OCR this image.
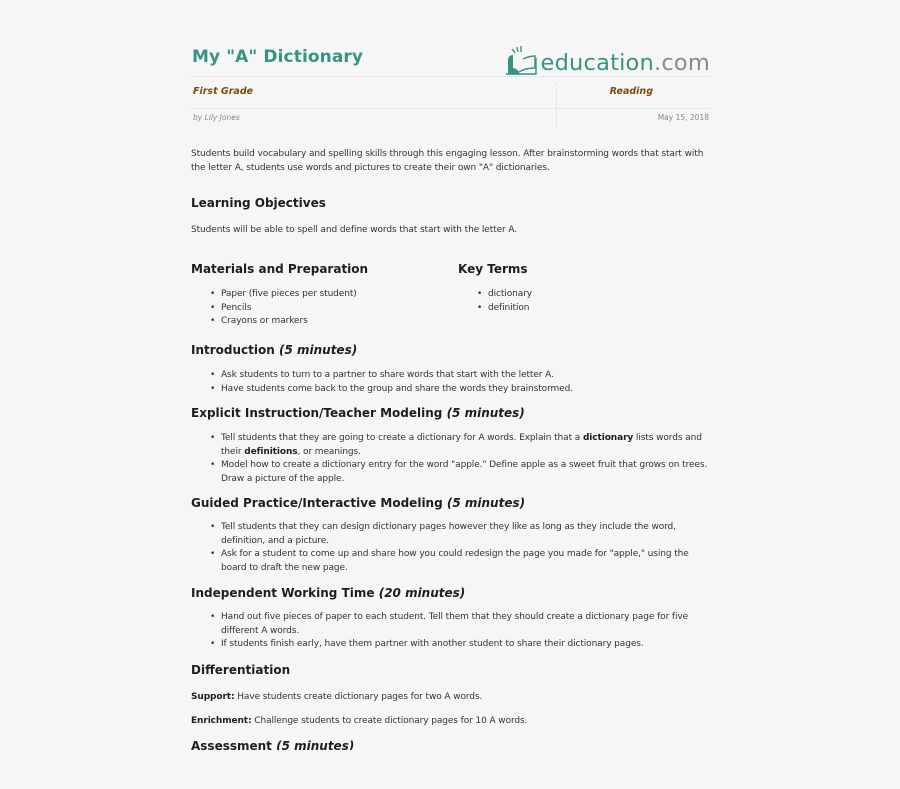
My "A" Dictionary	education.com
First Grade	Reading
by Lily Jones	May 15, 2018
Students build vocabulary and spelling skills through this engaging lesson. After brainstorming words that start with the letter A, students use words and pictures to create their own "A" dictionaries.
Learning Objectives
Students will be able to spell and define words that start with the letter A.
Materials and Preparation
• Paper (five pieces per student)
• Pencils
• Crayons or markers
Key Terms
• dictionary
• definition
Introduction (5 minutes)
• Ask students to turn to a partner to share words that start with the letter A.
• Have students come back to the group and share the words they brainstormed.
Explicit Instruction/Teacher Modeling (5 minutes)
• Tell students that they are going to create a dictionary for A words. Explain that a dictionary lists words and their definitions, or meanings.
• Model how to create a dictionary entry for the word "apple." Define apple as a sweet fruit that grows on trees. Draw a picture of the apple.
Guided Practice/Interactive Modeling (5 minutes)
• Tell students that they can design dictionary pages however they like as long as they include the word, definition, and a picture.
• Ask for a student to come up and share how you could redesign the page you made for "apple," using the board to draft the new page.
Independent Working Time (20 minutes)
• Hand out five pieces of paper to each student. Tell them that they should create a dictionary page for five different A words.
• If students finish early, have them partner with another student to share their dictionary pages.
Differentiation
Support: Have students create dictionary pages for two A words.
Enrichment: Challenge students to create dictionary pages for 10 A words.
Assessment (5 minutes)
